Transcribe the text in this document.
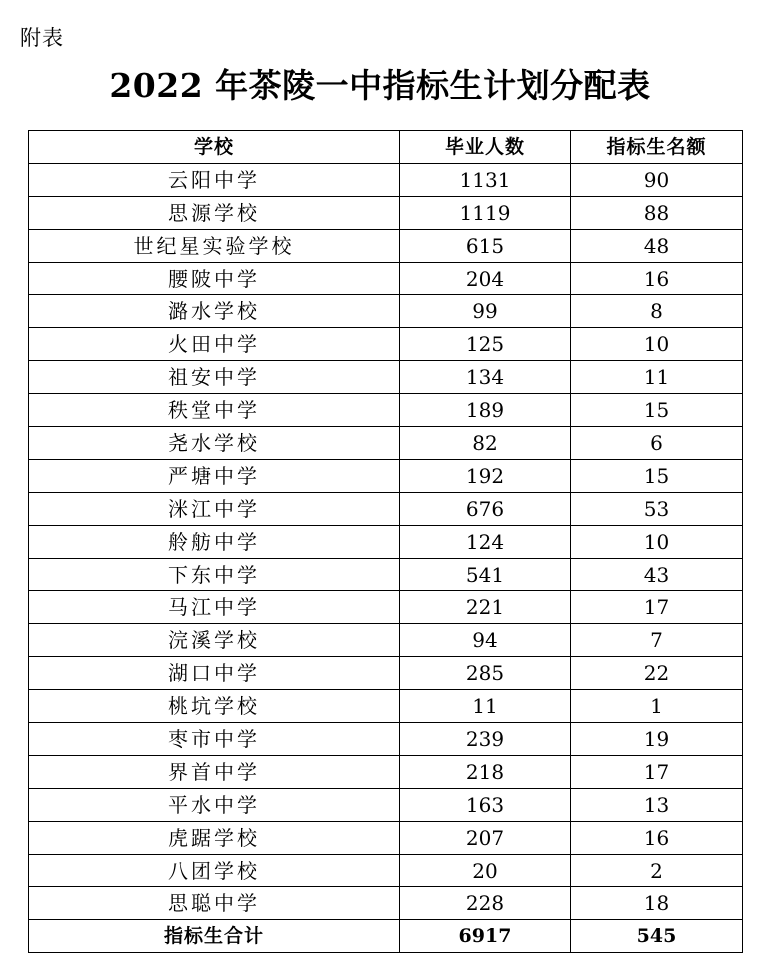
附表
2022 年茶陵一中指标生计划分配表
学校	毕业人数	指标生名额
云阳中学	1131	90
思源学校	1119	88
世纪星实验学校	615	48
腰陂中学	204	16
潞水学校	99	8
火田中学	125	10
祖安中学	134	11
秩堂中学	189	15
尧水学校	82	6
严塘中学	192	15
洣江中学	676	53
舲舫中学	124	10
下东中学	541	43
马江中学	221	17
浣溪学校	94	7
湖口中学	285	22
桃坑学校	11	1
枣市中学	239	19
界首中学	218	17
平水中学	163	13
虎踞学校	207	16
八团学校	20	2
思聪中学	228	18
指标生合计	6917	545
